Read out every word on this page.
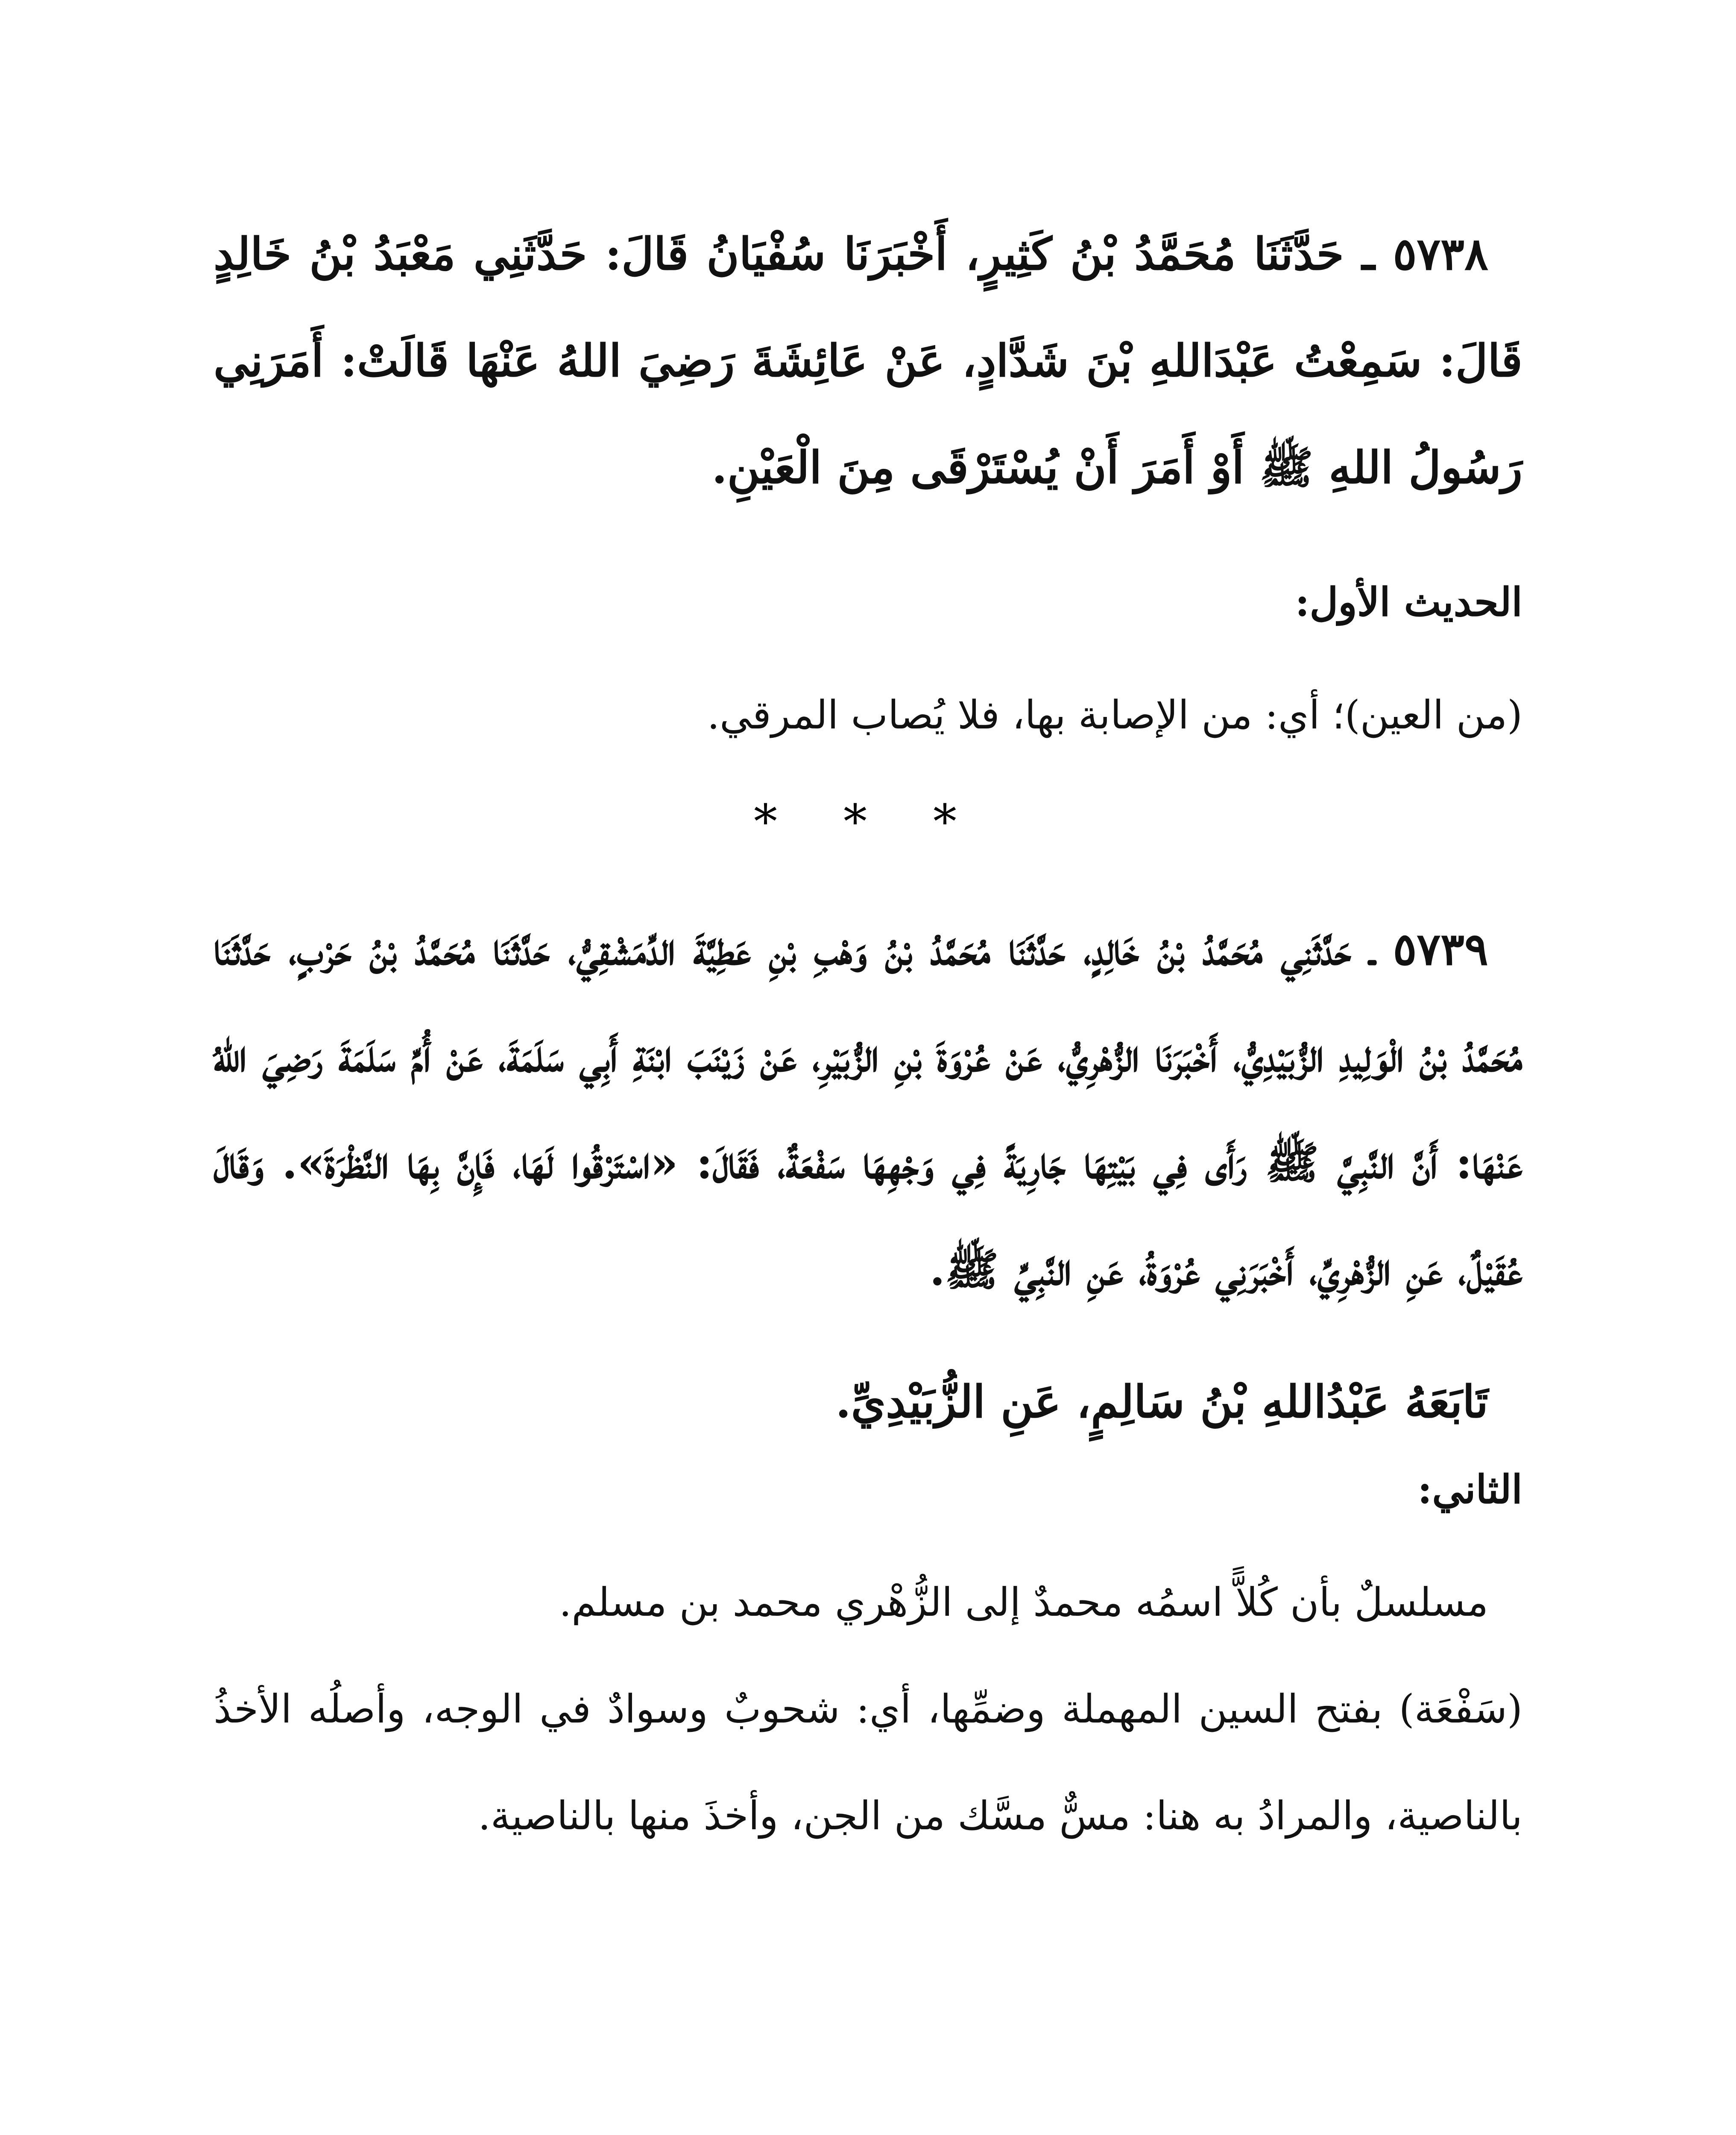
٥٧٣٨ ـ حَدَّثَنَا مُحَمَّدُ بْنُ كَثِيرٍ، أَخْبَرَنَا سُفْيَانُ قَالَ: حَدَّثَنِي مَعْبَدُ بْنُ خَالِدٍ قَالَ: سَمِعْتُ عَبْدَاللهِ بْنَ شَدَّادٍ، عَنْ عَائِشَةَ رَضِيَ اللهُ عَنْهَا قَالَتْ: أَمَرَنِي رَسُولُ اللهِ ﷺ أَوْ أَمَرَ أَنْ يُسْتَرْقَى مِنَ الْعَيْنِ.

الحديث الأول:

(من العين)؛ أي: من الإصابة بها، فلا يُصاب المرقي.

* * *

٥٧٣٩ ـ حَدَّثَنِي مُحَمَّدُ بْنُ خَالِدٍ، حَدَّثَنَا مُحَمَّدُ بْنُ وَهْبِ بْنِ عَطِيَّةَ الدِّمَشْقِيُّ، حَدَّثَنَا مُحَمَّدُ بْنُ حَرْبٍ، حَدَّثَنَا مُحَمَّدُ بْنُ الْوَلِيدِ الزُّبَيْدِيُّ، أَخْبَرَنَا الزُّهْرِيُّ، عَنْ عُرْوَةَ بْنِ الزُّبَيْرِ، عَنْ زَيْنَبَ ابْنَةِ أَبِي سَلَمَةَ، عَنْ أُمِّ سَلَمَةَ رَضِيَ اللهُ عَنْهَا: أَنَّ النَّبِيَّ ﷺ رَأَى فِي بَيْتِهَا جَارِيَةً فِي وَجْهِهَا سَفْعَةٌ، فَقَالَ: «اسْتَرْقُوا لَهَا، فَإِنَّ بِهَا النَّظْرَةَ». وَقَالَ عُقَيْلٌ، عَنِ الزُّهْرِيِّ، أَخْبَرَنِي عُرْوَةُ، عَنِ النَّبِيِّ ﷺ.

تَابَعَهُ عَبْدُاللهِ بْنُ سَالِمٍ، عَنِ الزُّبَيْدِيِّ.

الثاني:

مسلسلٌ بأن كُلاًّ اسمُه محمدٌ إلى الزُّهْري محمد بن مسلم.

(سَفْعَة) بفتح السين المهملة وضمِّها، أي: شحوبٌ وسوادٌ في الوجه، وأصلُه الأخذُ بالناصية، والمرادُ به هنا: مسٌّ مسَّك من الجن، وأخذَ منها بالناصية.
